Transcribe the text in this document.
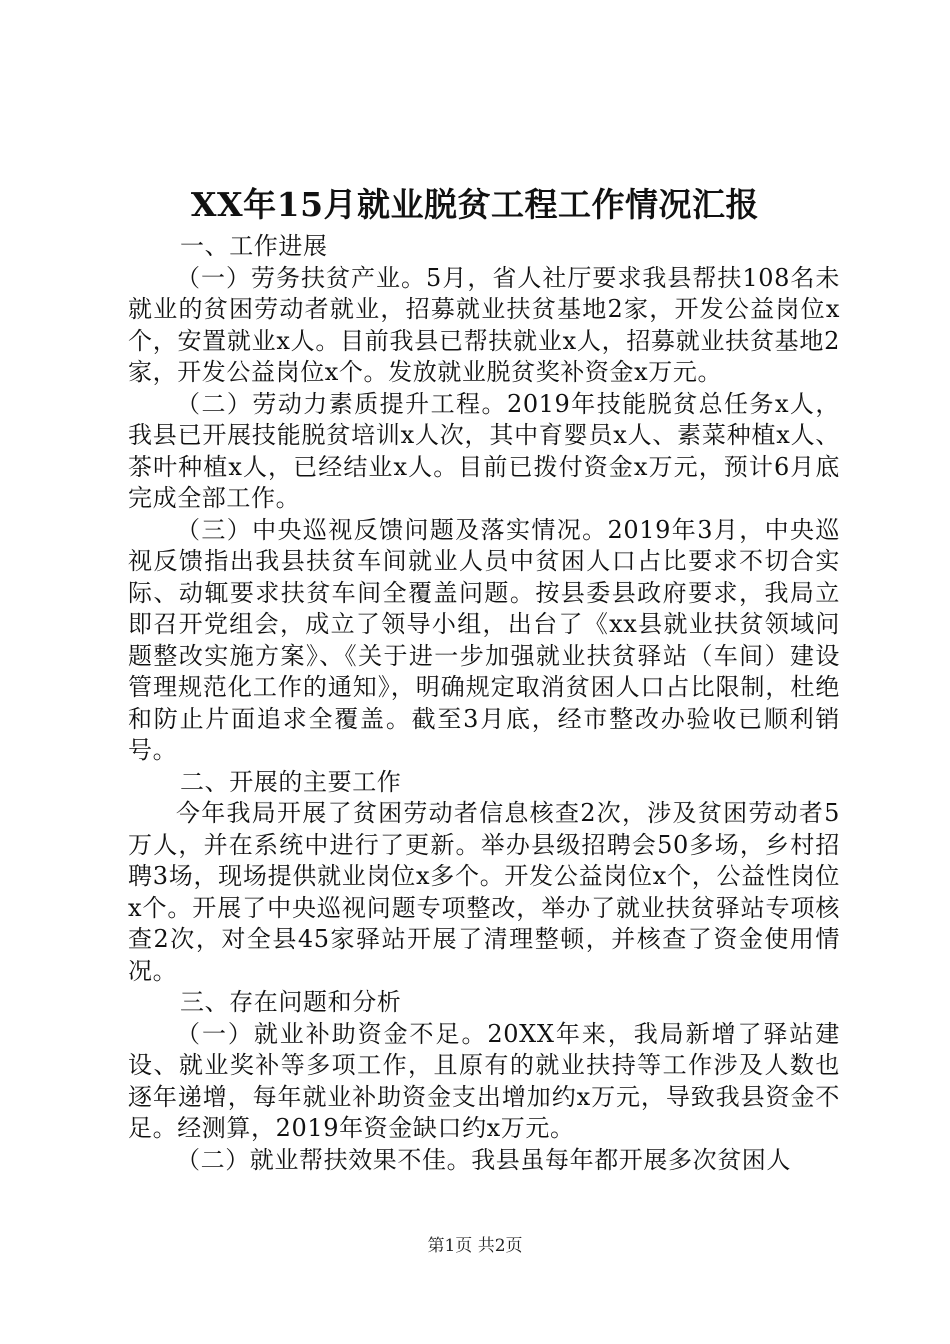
XX年15月就业脱贫工程工作情况汇报

一、工作进展

（一）劳务扶贫产业。5月，省人社厅要求我县帮扶108名未就业的贫困劳动者就业，招募就业扶贫基地2家，开发公益岗位x个，安置就业x人。目前我县已帮扶就业x人，招募就业扶贫基地2家，开发公益岗位x个。发放就业脱贫奖补资金x万元。

（二）劳动力素质提升工程。2019年技能脱贫总任务x人，我县已开展技能脱贫培训x人次，其中育婴员x人、素菜种植x人、茶叶种植x人，已经结业x人。目前已拨付资金x万元，预计6月底完成全部工作。

（三）中央巡视反馈问题及落实情况。2019年3月，中央巡视反馈指出我县扶贫车间就业人员中贫困人口占比要求不切合实际、动辄要求扶贫车间全覆盖问题。按县委县政府要求，我局立即召开党组会，成立了领导小组，出台了《xx县就业扶贫领域问题整改实施方案》、《关于进一步加强就业扶贫驿站（车间）建设管理规范化工作的通知》，明确规定取消贫困人口占比限制，杜绝和防止片面追求全覆盖。截至3月底，经市整改办验收已顺利销号。

二、开展的主要工作

今年我局开展了贫困劳动者信息核查2次，涉及贫困劳动者5万人，并在系统中进行了更新。举办县级招聘会50多场，乡村招聘3场，现场提供就业岗位x多个。开发公益岗位x个，公益性岗位x个。开展了中央巡视问题专项整改，举办了就业扶贫驿站专项核查2次，对全县45家驿站开展了清理整顿，并核查了资金使用情况。

三、存在问题和分析

（一）就业补助资金不足。20XX年来，我局新增了驿站建设、就业奖补等多项工作，且原有的就业扶持等工作涉及人数也逐年递增，每年就业补助资金支出增加约x万元，导致我县资金不足。经测算，2019年资金缺口约x万元。

（二）就业帮扶效果不佳。我县虽每年都开展多次贫困人

第1页 共2页
